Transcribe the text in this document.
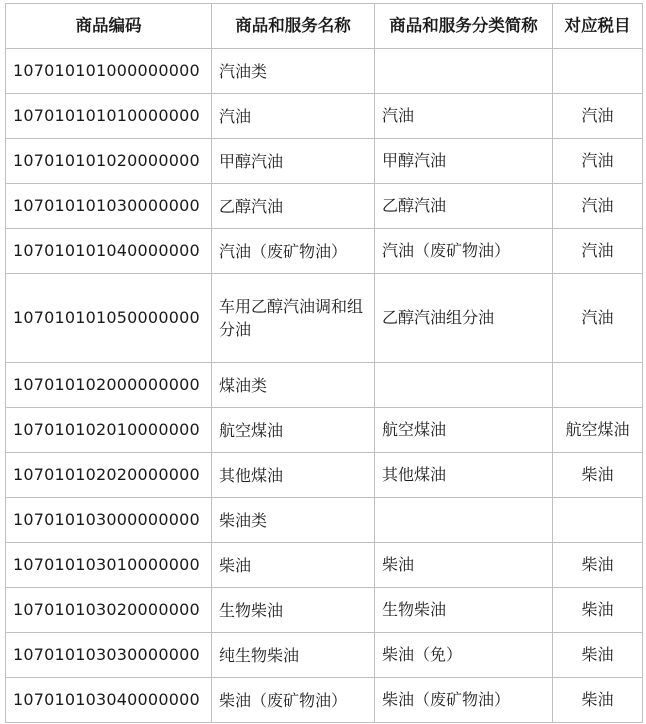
商品编码	商品和服务名称	商品和服务分类简称	对应税目
107010101000000000	汽油类		
107010101010000000	汽油	汽油	汽油
107010101020000000	甲醇汽油	甲醇汽油	汽油
107010101030000000	乙醇汽油	乙醇汽油	汽油
107010101040000000	汽油（废矿物油）	汽油（废矿物油）	汽油
107010101050000000	车用乙醇汽油调和组分油	乙醇汽油组分油	汽油
107010102000000000	煤油类		
107010102010000000	航空煤油	航空煤油	航空煤油
107010102020000000	其他煤油	其他煤油	柴油
107010103000000000	柴油类		
107010103010000000	柴油	柴油	柴油
107010103020000000	生物柴油	生物柴油	柴油
107010103030000000	纯生物柴油	柴油（免）	柴油
107010103040000000	柴油（废矿物油）	柴油（废矿物油）	柴油
